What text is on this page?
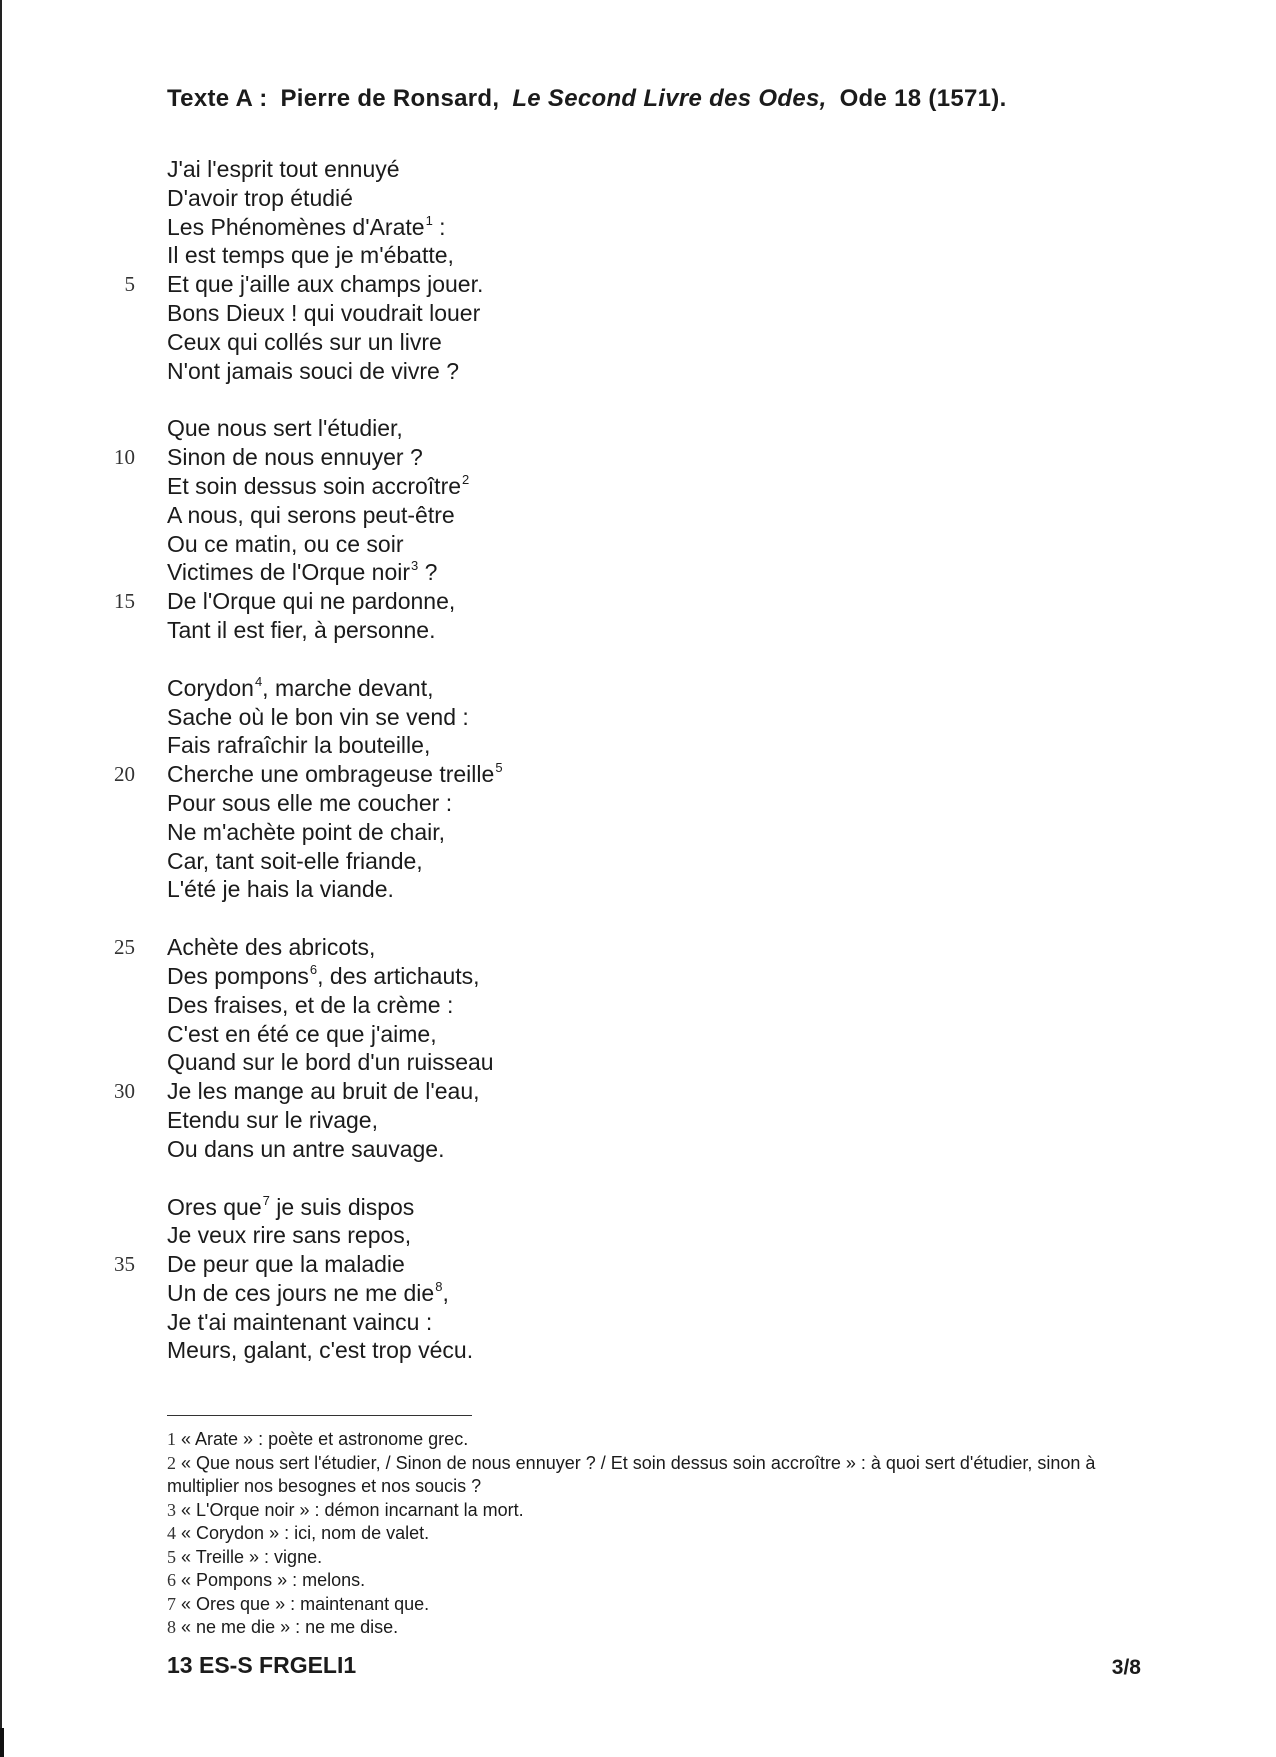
Texte A : Pierre de Ronsard, Le Second Livre des Odes, Ode 18 (1571).
J'ai l'esprit tout ennuyé
D'avoir trop étudié
Les Phénomènes d'Arate$^1$ :
Il est temps que je m'ébatte,
5 Et que j'aille aux champs jouer.
Bons Dieux ! qui voudrait louer
Ceux qui collés sur un livre
N'ont jamais souci de vivre ?
Que nous sert l'étudier,
10 Sinon de nous ennuyer ?
Et soin dessus soin accroître$^2$
A nous, qui serons peut-être
Ou ce matin, ou ce soir
Victimes de l'Orque noir$^3$ ?
15 De l'Orque qui ne pardonne,
Tant il est fier, à personne.
Corydon$^4$, marche devant,
Sache où le bon vin se vend :
Fais rafraîchir la bouteille,
20 Cherche une ombrageuse treille$^5$
Pour sous elle me coucher :
Ne m'achète point de chair,
Car, tant soit-elle friande,
L'été je hais la viande.
25 Achète des abricots,
Des pompons$^6$, des artichauts,
Des fraises, et de la crème :
C'est en été ce que j'aime,
Quand sur le bord d'un ruisseau
30 Je les mange au bruit de l'eau,
Etendu sur le rivage,
Ou dans un antre sauvage.
Ores que$^7$ je suis dispos
Je veux rire sans repos,
35 De peur que la maladie
Un de ces jours ne me die$^8$,
Je t'ai maintenant vaincu :
Meurs, galant, c'est trop vécu.
1 « Arate » : poète et astronome grec.
2 « Que nous sert l'étudier, / Sinon de nous ennuyer ? / Et soin dessus soin accroître » : à quoi sert d'étudier, sinon à multiplier nos besognes et nos soucis ?
3 « L'Orque noir » : démon incarnant la mort.
4 « Corydon » : ici, nom de valet.
5 « Treille » : vigne.
6 « Pompons » : melons.
7 « Ores que » : maintenant que.
8 « ne me die » : ne me dise.
13 ES-S FRGELI1	3/8
